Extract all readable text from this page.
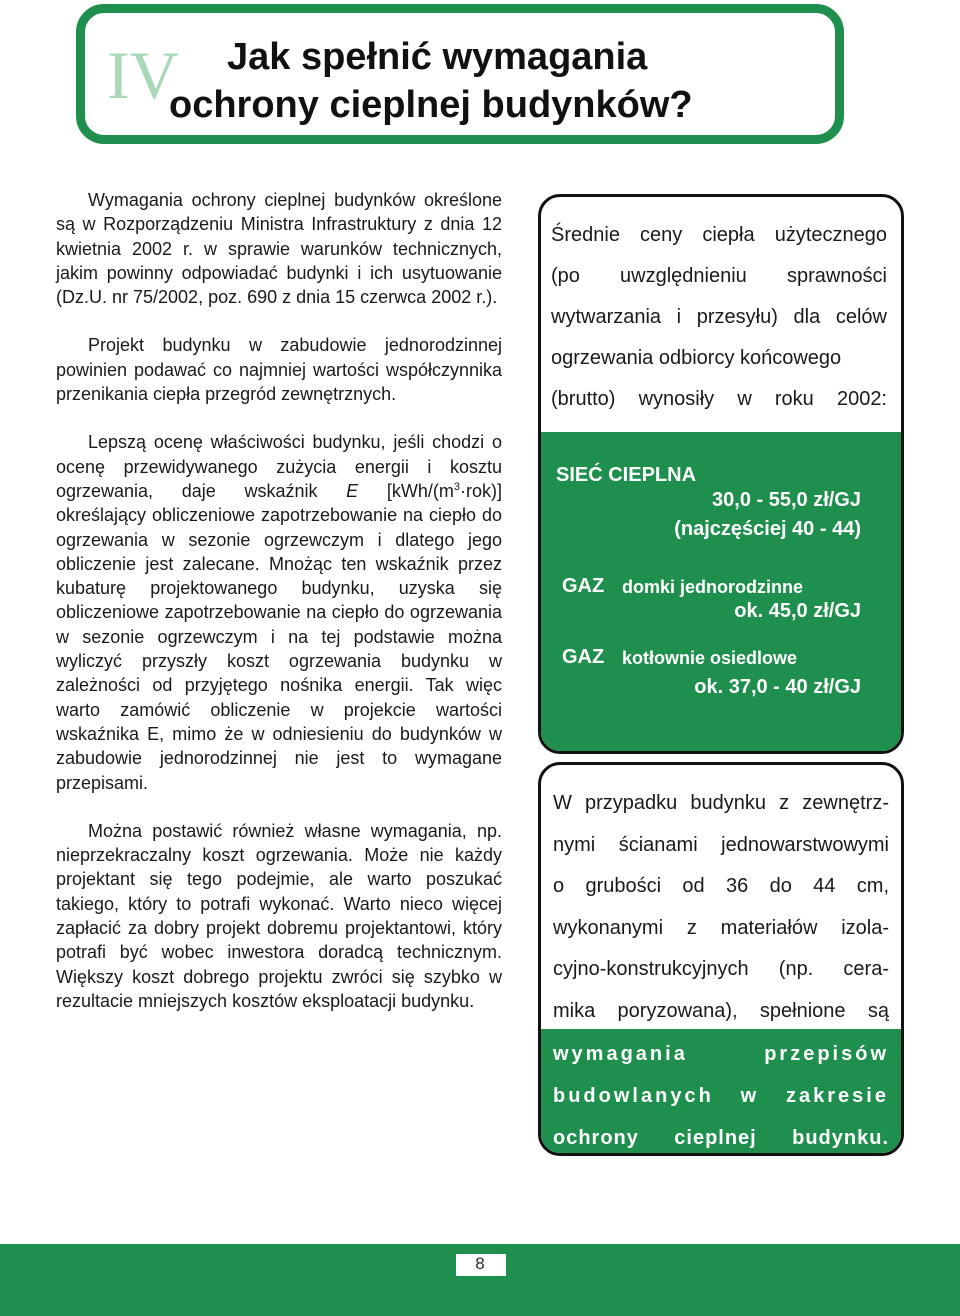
IV Jak spełnić wymagania
ochrony cieplnej budynków?

Wymagania ochrony cieplnej budynków określone są w Rozporządzeniu Ministra Infrastruktury z dnia 12 kwietnia 2002 r. w sprawie warunków technicznych, jakim powinny odpowiadać budynki i ich usytuowanie (Dz.U. nr 75/2002, poz. 690 z dnia 15 czerwca 2002 r.).

Projekt budynku w zabudowie jednorodzinnej powinien podawać co najmniej wartości współczynnika przenikania ciepła przegród zewnętrznych.

Lepszą ocenę właściwości budynku, jeśli chodzi o ocenę przewidywanego zużycia energii i kosztu ogrzewania, daje wskaźnik E $[kWh/(m^3\cdot rok)]$ określający obliczeniowe zapotrzebowanie na ciepło do ogrzewania w sezonie ogrzewczym i dlatego jego obliczenie jest zalecane. Mnożąc ten wskaźnik przez kubaturę projektowanego budynku, uzyska się obliczeniowe zapotrzebowanie na ciepło do ogrzewania w sezonie ogrzewczym i na tej podstawie można wyliczyć przyszły koszt ogrzewania budynku w zależności od przyjętego nośnika energii. Tak więc warto zamówić obliczenie w projekcie wartości wskaźnika E, mimo że w odniesieniu do budynków w zabudowie jednorodzinnej nie jest to wymagane przepisami.

Można postawić również własne wymagania, np. nieprzekraczalny koszt ogrzewania. Może nie każdy projektant się tego podejmie, ale warto poszukać takiego, który to potrafi wykonać. Warto nieco więcej zapłacić za dobry projekt dobremu projektantowi, który potrafi być wobec inwestora doradcą technicznym. Większy koszt dobrego projektu zwróci się szybko w rezultacie mniejszych kosztów eksploatacji budynku.

Średnie ceny ciepła użytecznego
(po uwzględnieniu sprawności
wytwarzania i przesyłu) dla celów
ogrzewania odbiorcy końcowego
(brutto) wynosiły w roku 2002:
SIEĆ CIEPLNA
30,0 - 55,0 zł/GJ
(najczęściej 40 - 44)
GAZ domki jednorodzinne
ok. 45,0 zł/GJ
GAZ kotłownie osiedlowe
ok. 37,0 - 40 zł/GJ
W przypadku budynku z zewnętrz-
nymi ścianami jednowarstwowymi
o grubości od 36 do 44 cm,
wykonanymi z materiałów izola-
cyjno-konstrukcyjnych (np. cera-
mika poryzowana), spełnione są
wymagania przepisów
budowlanych w zakresie
ochrony cieplnej budynku.
8
